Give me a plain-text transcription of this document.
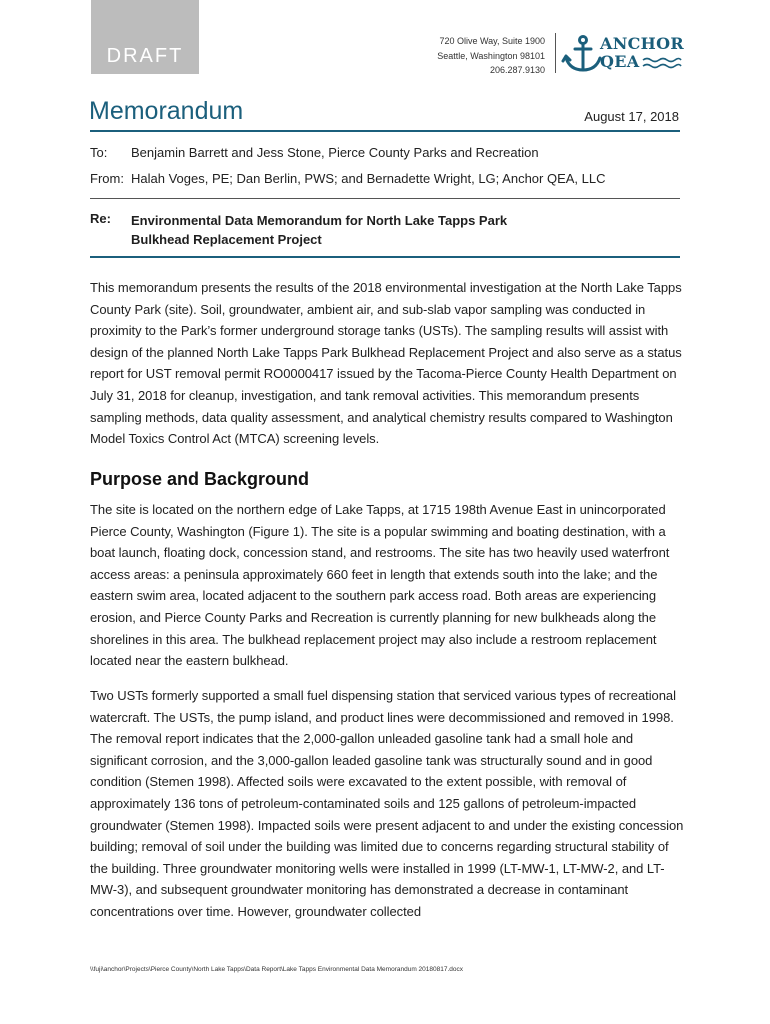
DRAFT
720 Olive Way, Suite 1900
Seattle, Washington 98101
206.287.9130
ANCHOR
QEA
Memorandum	August 17, 2018
To: Benjamin Barrett and Jess Stone, Pierce County Parks and Recreation
From: Halah Voges, PE; Dan Berlin, PWS; and Bernadette Wright, LG; Anchor QEA, LLC
Re: Environmental Data Memorandum for North Lake Tapps Park
Bulkhead Replacement Project
This memorandum presents the results of the 2018 environmental investigation at the North Lake Tapps County Park (site). Soil, groundwater, ambient air, and sub-slab vapor sampling was conducted in proximity to the Park’s former underground storage tanks (USTs). The sampling results will assist with design of the planned North Lake Tapps Park Bulkhead Replacement Project and also serve as a status report for UST removal permit RO0000417 issued by the Tacoma-Pierce County Health Department on July 31, 2018 for cleanup, investigation, and tank removal activities. This memorandum presents sampling methods, data quality assessment, and analytical chemistry results compared to Washington Model Toxics Control Act (MTCA) screening levels.
Purpose and Background
The site is located on the northern edge of Lake Tapps, at 1715 198th Avenue East in unincorporated Pierce County, Washington (Figure 1). The site is a popular swimming and boating destination, with a boat launch, floating dock, concession stand, and restrooms. The site has two heavily used waterfront access areas: a peninsula approximately 660 feet in length that extends south into the lake; and the eastern swim area, located adjacent to the southern park access road. Both areas are experiencing erosion, and Pierce County Parks and Recreation is currently planning for new bulkheads along the shorelines in this area. The bulkhead replacement project may also include a restroom replacement located near the eastern bulkhead.
Two USTs formerly supported a small fuel dispensing station that serviced various types of recreational watercraft. The USTs, the pump island, and product lines were decommissioned and removed in 1998. The removal report indicates that the 2,000-gallon unleaded gasoline tank had a small hole and significant corrosion, and the 3,000-gallon leaded gasoline tank was structurally sound and in good condition (Stemen 1998). Affected soils were excavated to the extent possible, with removal of approximately 136 tons of petroleum-contaminated soils and 125 gallons of petroleum-impacted groundwater (Stemen 1998). Impacted soils were present adjacent to and under the existing concession building; removal of soil under the building was limited due to concerns regarding structural stability of the building. Three groundwater monitoring wells were installed in 1999 (LT-MW-1, LT-MW-2, and LT-MW-3), and subsequent groundwater monitoring has demonstrated a decrease in contaminant concentrations over time. However, groundwater collected
\\fuji\anchor\Projects\Pierce County\North Lake Tapps\Data Report\Lake Tapps Environmental Data Memorandum 20180817.docx
